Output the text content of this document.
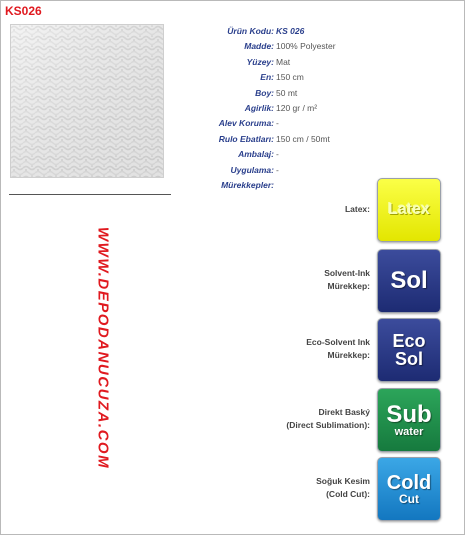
KS026
WWW.DEPODANUCUZA.COM
Ürün Kodu: KS 026
Madde: 100% Polyester
Yüzey: Mat
En: 150 cm
Boy: 50 mt
Agirlik: 120 gr / m²
Alev Koruma: -
Rulo Ebatları: 150 cm / 50mt
Ambalaj: -
Uygulama: -
Mürekkepler:
Latex: Latex
Solvent-Ink
Mürekkep: Sol
Eco-Solvent Ink
Mürekkep:
Eco
Sol
Direkt Baský
(Direct Sublimation): Sub
water
Soğuk Kesim
(Cold Cut): Cold
Cut
